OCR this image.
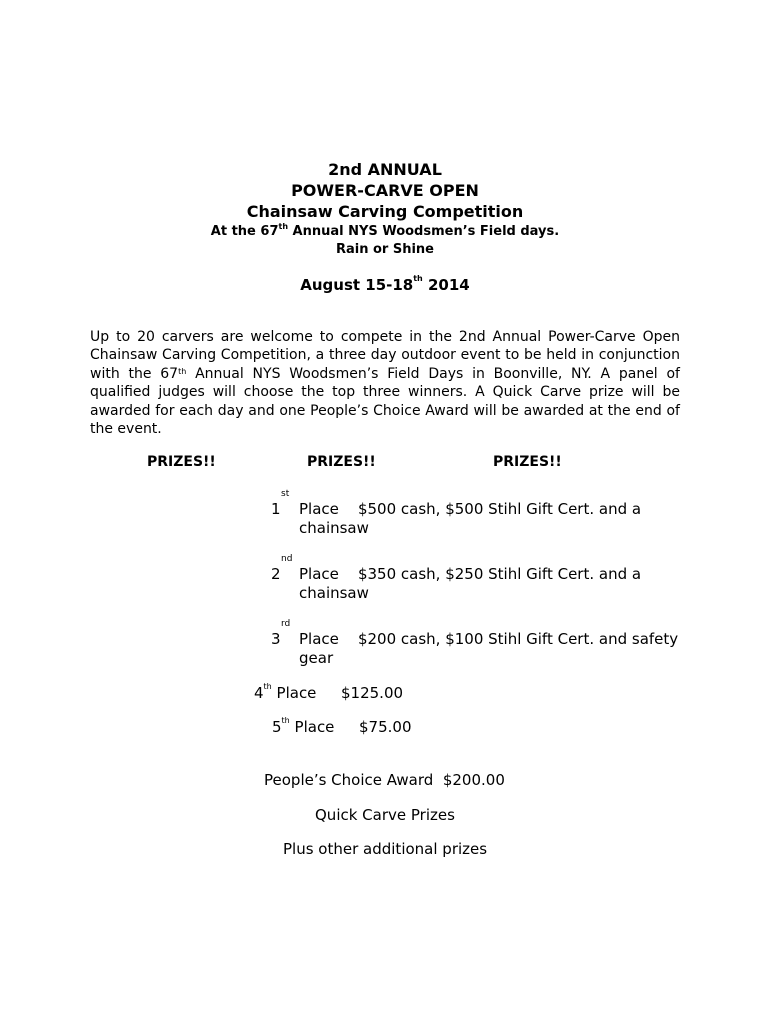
2nd ANNUAL
POWER-CARVE OPEN
Chainsaw Carving Competition
At the 67th Annual NYS Woodsmen’s Field days.
Rain or Shine
August 15-18th 2014
Up to 20 carvers are welcome to compete in the 2nd Annual Power-Carve Open Chainsaw Carving Competition, a three day outdoor event to be held in conjunction with the 67th Annual NYS Woodsmen’s Field Days in Boonville, NY. A panel of qualified judges will choose the top three winners. A Quick Carve prize will be awarded for each day and one People’s Choice Award will be awarded at the end of the event.
PRIZES!!	PRIZES!!	PRIZES!!
st
1 Place    $500 cash, $500 Stihl Gift Cert. and a chainsaw
nd
2 Place    $350 cash, $250 Stihl Gift Cert. and a chainsaw
rd
3 Place    $200 cash, $100 Stihl Gift Cert. and safety gear
4th Place $125.00
5th Place $75.00
People’s Choice Award  $200.00
Quick Carve Prizes
Plus other additional prizes
